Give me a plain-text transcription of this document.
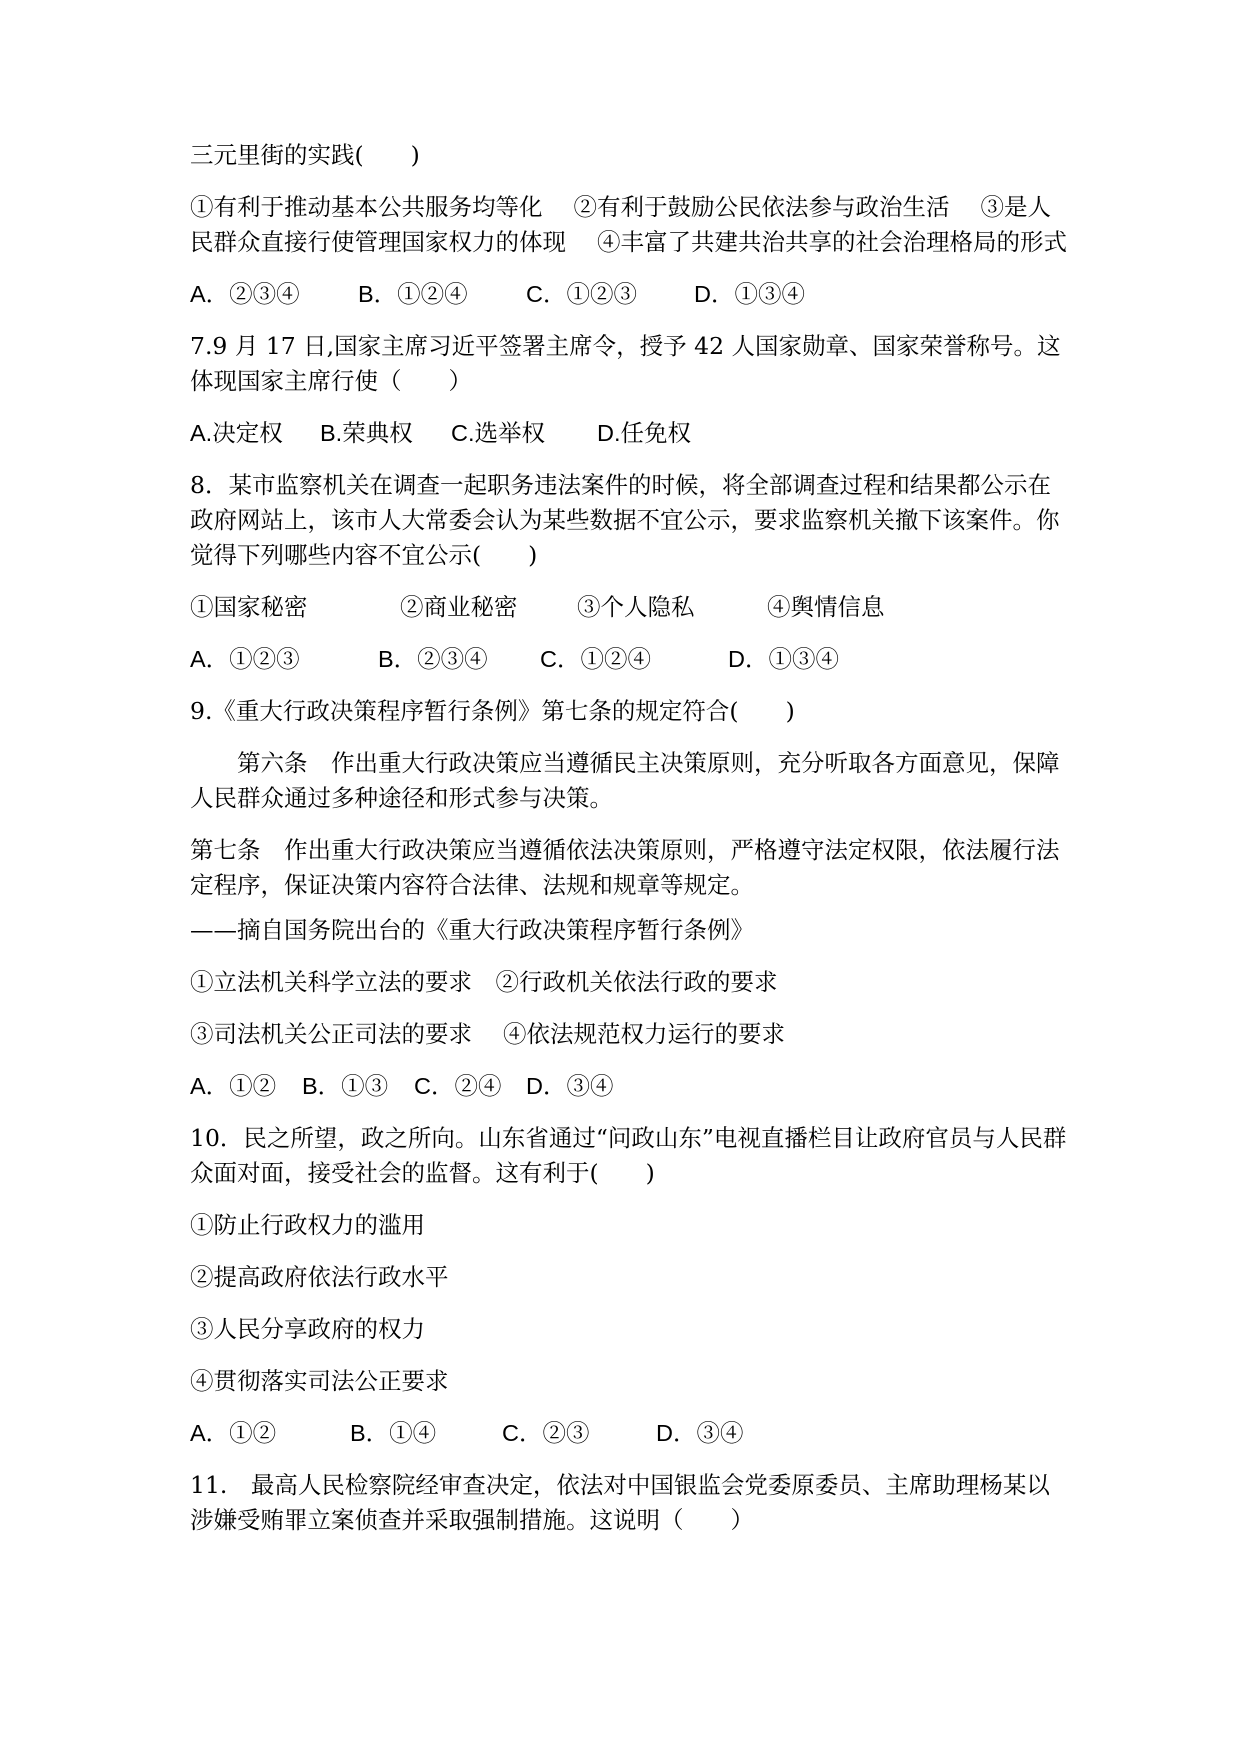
三元里街的实践(　　)

①有利于推动基本公共服务均等化　 ②有利于鼓励公民依法参与政治生活　 ③是人民群众直接行使管理国家权力的体现　 ④丰富了共建共治共享的社会治理格局的形式

A．②③④	B．①②④	C．①②③	D．①③④

7.9 月 17 日,国家主席习近平签署主席令，授予 42 人国家勋章、国家荣誉称号。这体现国家主席行使（　　）

A.决定权	B.荣典权	C.选举权	D.任免权

8．某市监察机关在调查一起职务违法案件的时候，将全部调查过程和结果都公示在政府网站上，该市人大常委会认为某些数据不宜公示，要求监察机关撤下该案件。你觉得下列哪些内容不宜公示(　　)

①国家秘密	②商业秘密	③个人隐私	④舆情信息
A．①②③	B．②③④	C．①②④	D．①③④

9.《重大行政决策程序暂行条例》第七条的规定符合(　　)

第六条　作出重大行政决策应当遵循民主决策原则，充分听取各方面意见，保障人民群众通过多种途径和形式参与决策。

第七条　作出重大行政决策应当遵循依法决策原则，严格遵守法定权限，依法履行法定程序，保证决策内容符合法律、法规和规章等规定。

——摘自国务院出台的《重大行政决策程序暂行条例》

①立法机关科学立法的要求　②行政机关依法行政的要求

③司法机关公正司法的要求　 ④依法规范权力运行的要求

A．①②	B．①③	C．②④	D．③④

10．民之所望，政之所向。山东省通过“问政山东”电视直播栏目让政府官员与人民群众面对面，接受社会的监督。这有利于(　　)

①防止行政权力的滥用

②提高政府依法行政水平

③人民分享政府的权力

④贯彻落实司法公正要求

A．①②	B．①④	C．②③	D．③④

11.　最高人民检察院经审查决定，依法对中国银监会党委原委员、主席助理杨某以涉嫌受贿罪立案侦查并采取强制措施。这说明（　　）
